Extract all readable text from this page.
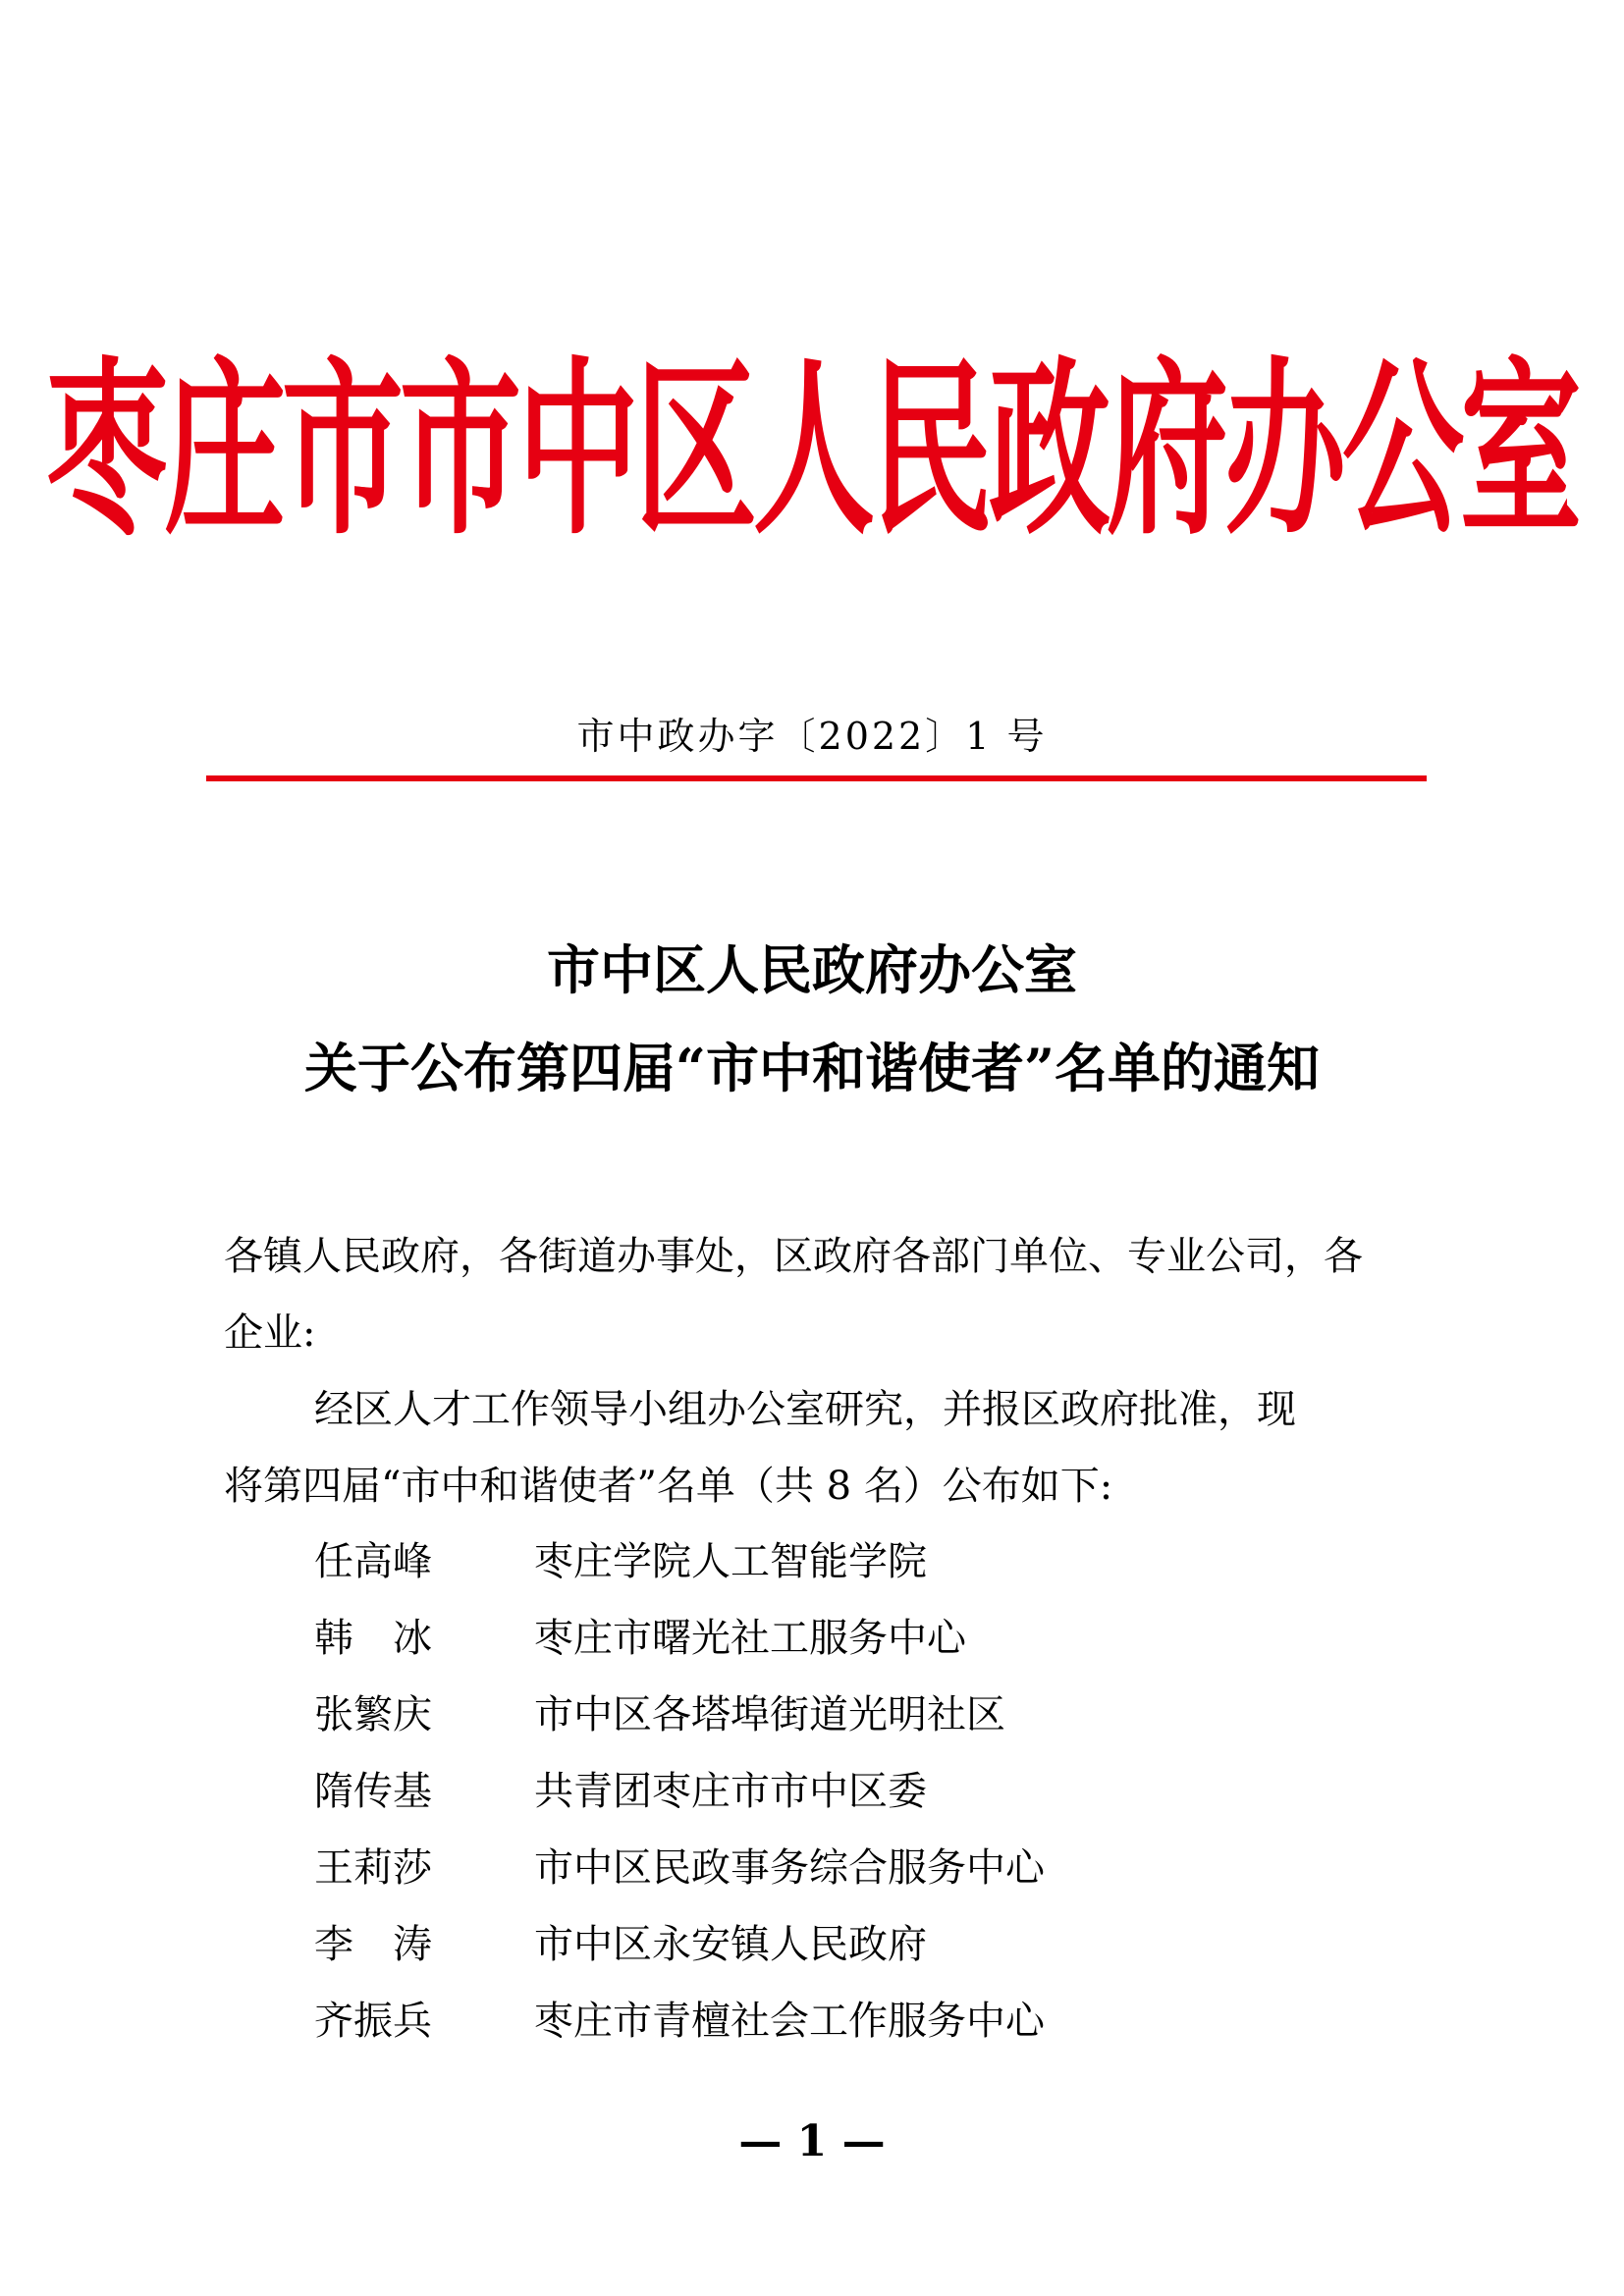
枣庄市市中区人民政府办公室
市中政办字〔2022〕1 号
市中区人民政府办公室
关于公布第四届“市中和谐使者”名单的通知
各镇人民政府，各街道办事处，区政府各部门单位、专业公司，各
企业:
经区人才工作领导小组办公室研究，并报区政府批准，现
将第四届“市中和谐使者”名单（共 8 名）公布如下:
任高峰	枣庄学院人工智能学院
韩　冰	枣庄市曙光社工服务中心
张繁庆	市中区各塔埠街道光明社区
隋传基	共青团枣庄市市中区委
王莉莎	市中区民政事务综合服务中心
李　涛	市中区永安镇人民政府
齐振兵	枣庄市青檀社会工作服务中心
— 1 —
